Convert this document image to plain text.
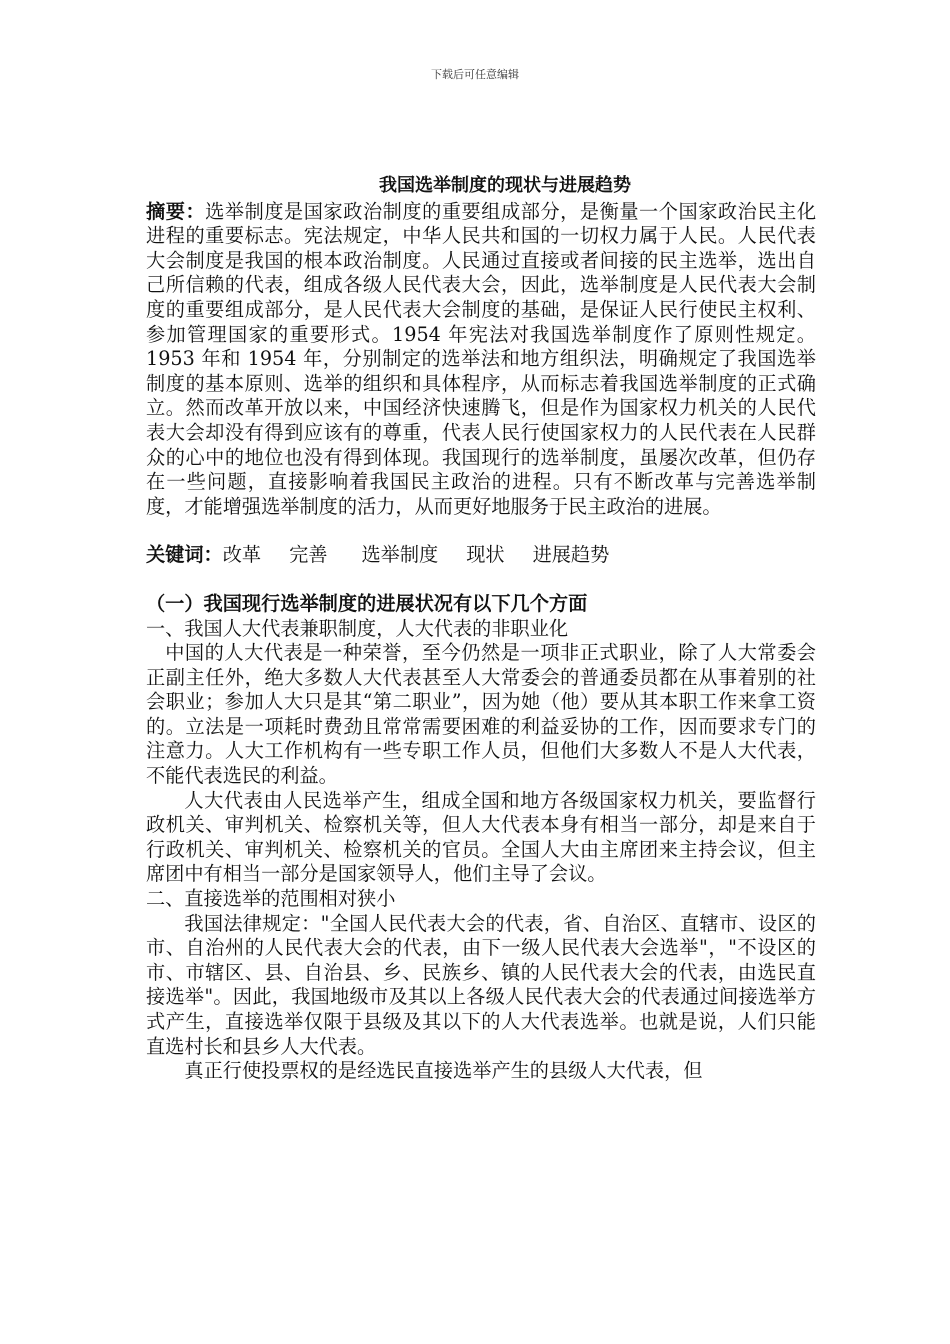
下载后可任意编辑
我国选举制度的现状与进展趋势

摘要：选举制度是国家政治制度的重要组成部分，是衡量一个国家政治民主化进程的重要标志。宪法规定，中华人民共和国的一切权力属于人民。人民代表大会制度是我国的根本政治制度。人民通过直接或者间接的民主选举，选出自己所信赖的代表，组成各级人民代表大会，因此，选举制度是人民代表大会制度的重要组成部分，是人民代表大会制度的基础，是保证人民行使民主权利、参加管理国家的重要形式。1954 年宪法对我国选举制度作了原则性规定。1953 年和 1954 年，分别制定的选举法和地方组织法，明确规定了我国选举制度的基本原则、选举的组织和具体程序，从而标志着我国选举制度的正式确立。然而改革开放以来，中国经济快速腾飞，但是作为国家权力机关的人民代表大会却没有得到应该有的尊重，代表人民行使国家权力的人民代表在人民群众的心中的地位也没有得到体现。我国现行的选举制度，虽屡次改革，但仍存在一些问题，直接影响着我国民主政治的进程。只有不断改革与完善选举制度，才能增强选举制度的活力，从而更好地服务于民主政治的进展。

关键词：改革 完善 选举制度 现状 进展趋势

（一）我国现行选举制度的进展状况有以下几个方面

一、我国人大代表兼职制度，人大代表的非职业化

中国的人大代表是一种荣誉，至今仍然是一项非正式职业，除了人大常委会正副主任外，绝大多数人大代表甚至人大常委会的普通委员都在从事着别的社会职业；参加人大只是其“第二职业”，因为她（他）要从其本职工作来拿工资的。立法是一项耗时费劲且常常需要困难的利益妥协的工作，因而要求专门的注意力。人大工作机构有一些专职工作人员，但他们大多数人不是人大代表，不能代表选民的利益。

人大代表由人民选举产生，组成全国和地方各级国家权力机关，要监督行政机关、审判机关、检察机关等，但人大代表本身有相当一部分，却是来自于行政机关、审判机关、检察机关的官员。全国人大由主席团来主持会议，但主席团中有相当一部分是国家领导人，他们主导了会议。

二、直接选举的范围相对狭小

我国法律规定："全国人民代表大会的代表，省、自治区、直辖市、设区的市、自治州的人民代表大会的代表，由下一级人民代表大会选举"，"不设区的市、市辖区、县、自治县、乡、民族乡、镇的人民代表大会的代表，由选民直接选举"。因此，我国地级市及其以上各级人民代表大会的代表通过间接选举方式产生，直接选举仅限于县级及其以下的人大代表选举。也就是说，人们只能直选村长和县乡人大代表。

真正行使投票权的是经选民直接选举产生的县级人大代表，但
